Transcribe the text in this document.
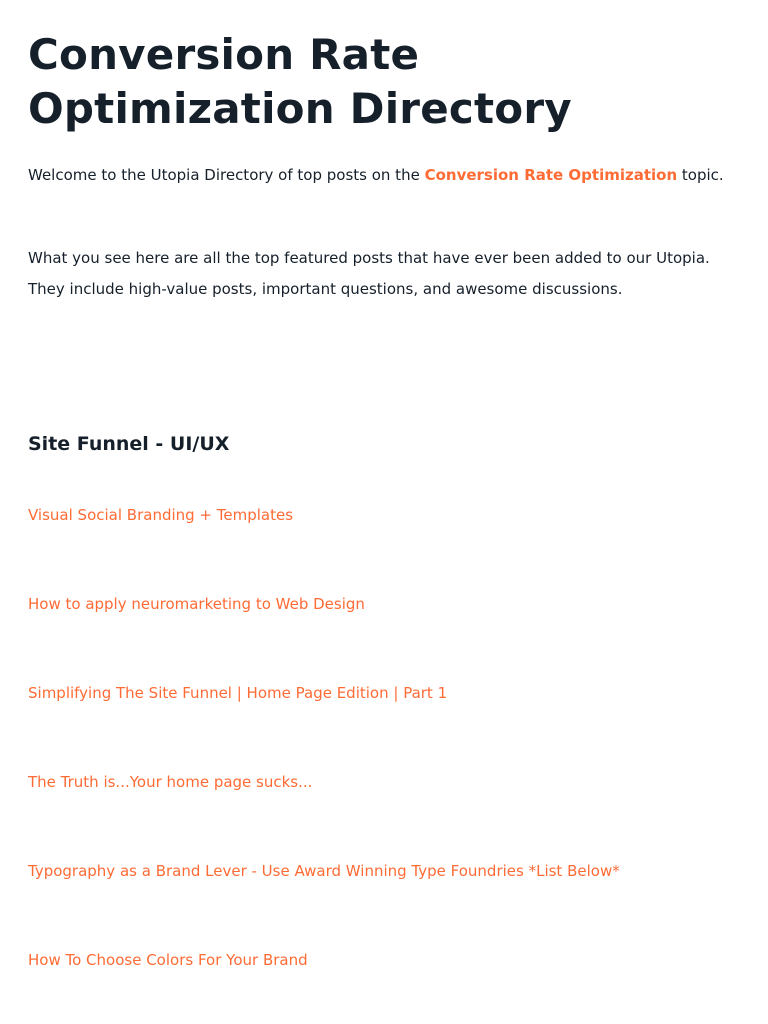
Conversion Rate Optimization Directory

Welcome to the Utopia Directory of top posts on the Conversion Rate Optimization topic.

What you see here are all the top featured posts that have ever been added to our Utopia.
They include high-value posts, important questions, and awesome discussions.

Site Funnel - UI/UX
Visual Social Branding + Templates
How to apply neuromarketing to Web Design
Simplifying The Site Funnel | Home Page Edition | Part 1
The Truth is...Your home page sucks...
Typography as a Brand Lever - Use Award Winning Type Foundries *List Below*
How To Choose Colors For Your Brand
